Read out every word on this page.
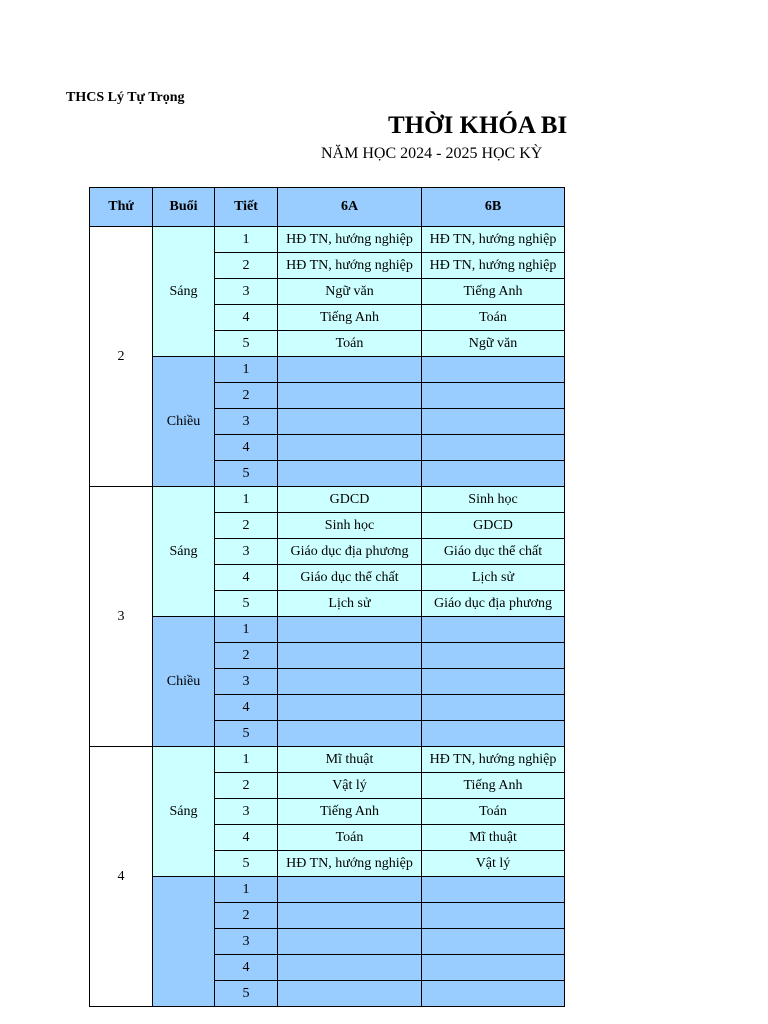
THCS Lý Tự Trọng
THỜI KHÓA BI
NĂM HỌC 2024 - 2025 HỌC KỲ
Thứ	Buổi	Tiết	6A	6B
2	Sáng	1	HĐ TN, hướng nghiệp	HĐ TN, hướng nghiệp
		2	HĐ TN, hướng nghiệp	HĐ TN, hướng nghiệp
		3	Ngữ văn	Tiếng Anh
		4	Tiếng Anh	Toán
		5	Toán	Ngữ văn
	Chiều	1		
		2		
		3		
		4		
		5		
3	Sáng	1	GDCD	Sinh học
		2	Sinh học	GDCD
		3	Giáo dục địa phương	Giáo dục thể chất
		4	Giáo dục thể chất	Lịch sử
		5	Lịch sử	Giáo dục địa phương
	Chiều	1		
		2		
		3		
		4		
		5		
4	Sáng	1	Mĩ thuật	HĐ TN, hướng nghiệp
		2	Vật lý	Tiếng Anh
		3	Tiếng Anh	Toán
		4	Toán	Mĩ thuật
		5	HĐ TN, hướng nghiệp	Vật lý
		1		
		2		
		3		
		4		
		5		
